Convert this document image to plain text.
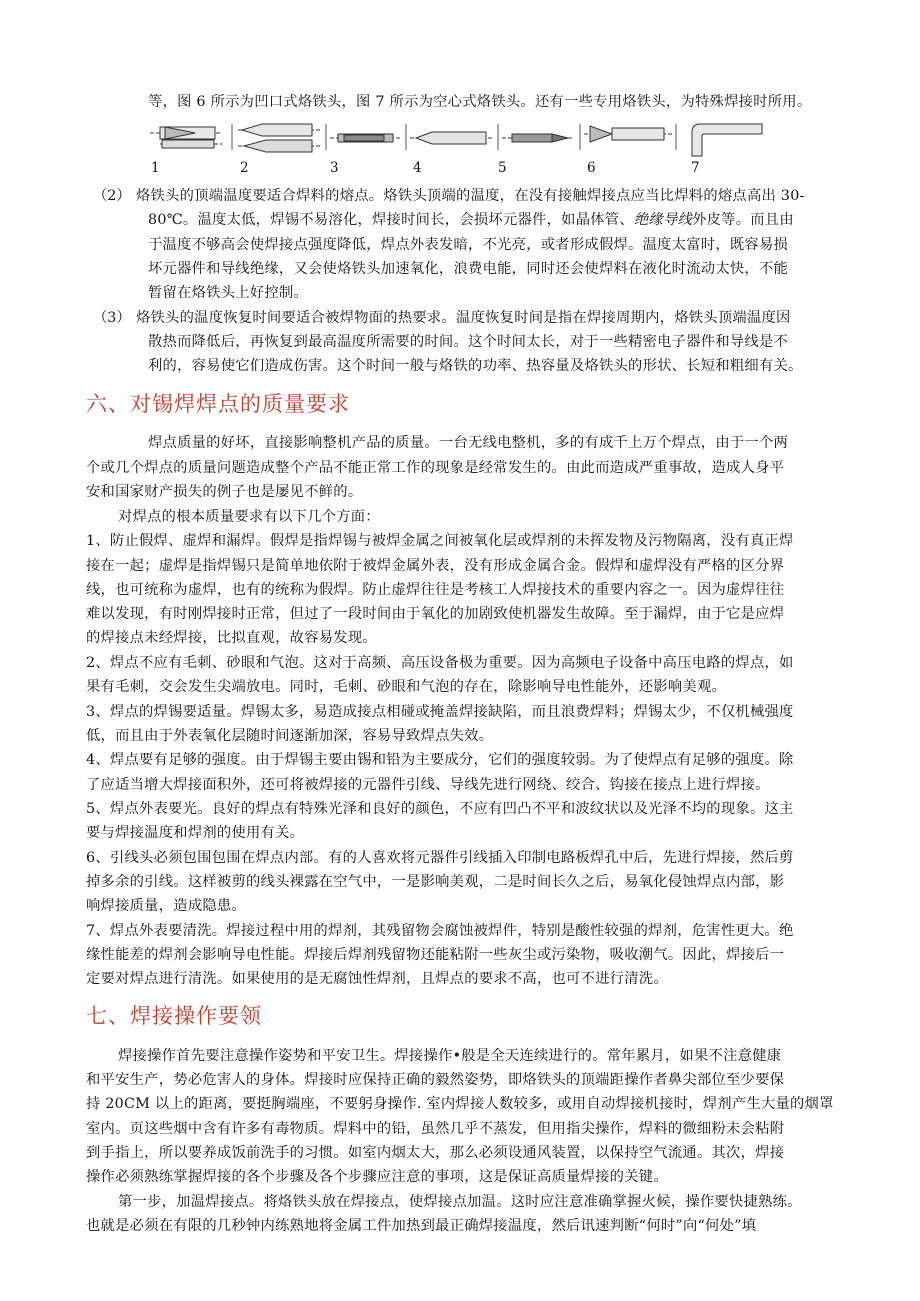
等，图 6 所示为凹口式烙铁头，图 7 所示为空心式烙铁头。还有一些专用烙铁头，为特殊焊接时所用。

1	2	3	4	5	6	7
（2） 烙铁头的顶端温度要适合焊料的熔点。烙铁头顶端的温度，在没有接触焊接点应当比焊料的熔点高出 30-

80℃。温度太低，焊锡不易溶化，焊接时间长，会损坏元器件，如晶体管、绝缘导线外皮等。而且由

于温度不够高会使焊接点强度降低，焊点外表发暗，不光亮，或者形成假焊。温度太富时，既容易损

坏元器件和导线绝缘，又会使烙铁头加速氧化，浪费电能，同时还会使焊料在液化时流动太快，不能

暂留在烙铁头上好控制。

（3） 烙铁头的温度恢复时间要适合被焊物面的热要求。温度恢复时间是指在焊接周期内，烙铁头顶端温度因

散热而降低后，再恢复到最高温度所需要的时间。这个时间太长，对于一些精密电子器件和导线是不

利的，容易使它们造成伤害。这个时间一般与烙铁的功率、热容量及烙铁头的形状、长短和粗细有关。

六、对锡焊焊点的质量要求

焊点质量的好坏，直接影响整机产品的质量。一台无线电整机，多的有成千上万个焊点，由于一个两

个或几个焊点的质量问题造成整个产品不能正常工作的现象是经常发生的。由此而造成严重事故，造成人身平

安和国家财产损失的例子也是屡见不鲜的。

对焊点的根本质量要求有以下几个方面：

1、防止假焊、虚焊和漏焊。假焊是指焊锡与被焊金属之间被氧化层或焊剂的未挥发物及污物隔离，没有真正焊

接在一起；虚焊是指焊锡只是简单地依附于被焊金属外表，没有形成金属合金。假焊和虚焊没有严格的区分界

线，也可统称为虚焊，也有的统称为假焊。防止虚焊往往是考核工人焊接技术的重要内容之一。因为虚焊往往

难以发现，有时刚焊接时正常，但过了一段时间由于氧化的加剧致使机器发生故障。至于漏焊，由于它是应焊

的焊接点未经焊接，比拟直观，故容易发现。

2、焊点不应有毛刺、砂眼和气泡。这对于高频、高压设备极为重要。因为高频电子设备中高压电路的焊点，如

果有毛刺，交会发生尖端放电。同时，毛刺、砂眼和气泡的存在，除影响导电性能外，还影响美观。

3、焊点的焊锡要适量。焊锡太多，易造成接点相碰或掩盖焊接缺陷，而且浪费焊料；焊锡太少，不仅机械强度

低，而且由于外表氧化层随时间逐渐加深，容易导致焊点失效。

4、焊点要有足够的强度。由于焊锡主要由锡和铅为主要成分，它们的强度较弱。为了使焊点有足够的强度。除

了应适当增大焊接面积外，还可将被焊接的元器件引线、导线先进行网绕、绞合、钩接在接点上进行焊接。

5、焊点外表要光。良好的焊点有特殊光泽和良好的颜色，不应有凹凸不平和波纹状以及光泽不均的现象。这主

要与焊接温度和焊剂的使用有关。

6、引线头必须包围包围在焊点内部。有的人喜欢将元器件引线插入印制电路板焊孔中后，先进行焊接，然后剪

掉多余的引线。这样被剪的线头裸露在空气中，一是影响美观，二是时间长久之后，易氧化侵蚀焊点内部，影

响焊接质量，造成隐患。

7、焊点外表要清洗。焊接过程中用的焊剂，其残留物会腐蚀被焊件，特别是酸性较强的焊剂，危害性更大。绝

缘性能差的焊剂会影响导电性能。焊接后焊剂残留物还能粘附一些灰尘或污染物，吸收潮气。因此，焊接后一

定要对焊点进行清洗。如果使用的是无腐蚀性焊剂，且焊点的要求不高，也可不进行清洗。

七、焊接操作要领

焊接操作首先要注意操作姿势和平安卫生。焊接操作•般是全天连续进行的。常年累月，如果不注意健康

和平安生产，势必危害人的身体。焊接时应保持正确的毅然姿势，即烙铁头的顶端距操作者鼻尖部位至少要保

持 20CM 以上的距离，要挺胸端座，不要躬身操作. 室内焊接人数较多，或用自动焊接机接时，焊剂产生大量的烟罩

室内。页这些烟中含有许多有毒物质。焊料中的铅，虽然几乎不蒸发，但用指尖操作，焊料的微细粉未会粘附

到手指上，所以要养成饭前洗手的习惯。如室内烟太大，那么必须设通风装置，以保持空气流通。其次，焊接

操作必须熟练掌握焊接的各个步骤及各个步骤应注意的事项，这是保证高质量焊接的关键。

第一步，加温焊接点。将烙铁头放在焊接点，使焊接点加温。这时应注意准确掌握火候，操作要快捷熟练。

也就是必须在有限的几秒钟内练熟地将金属工件加热到最正确焊接温度，然后讯速判断“何时”向“何处”填
